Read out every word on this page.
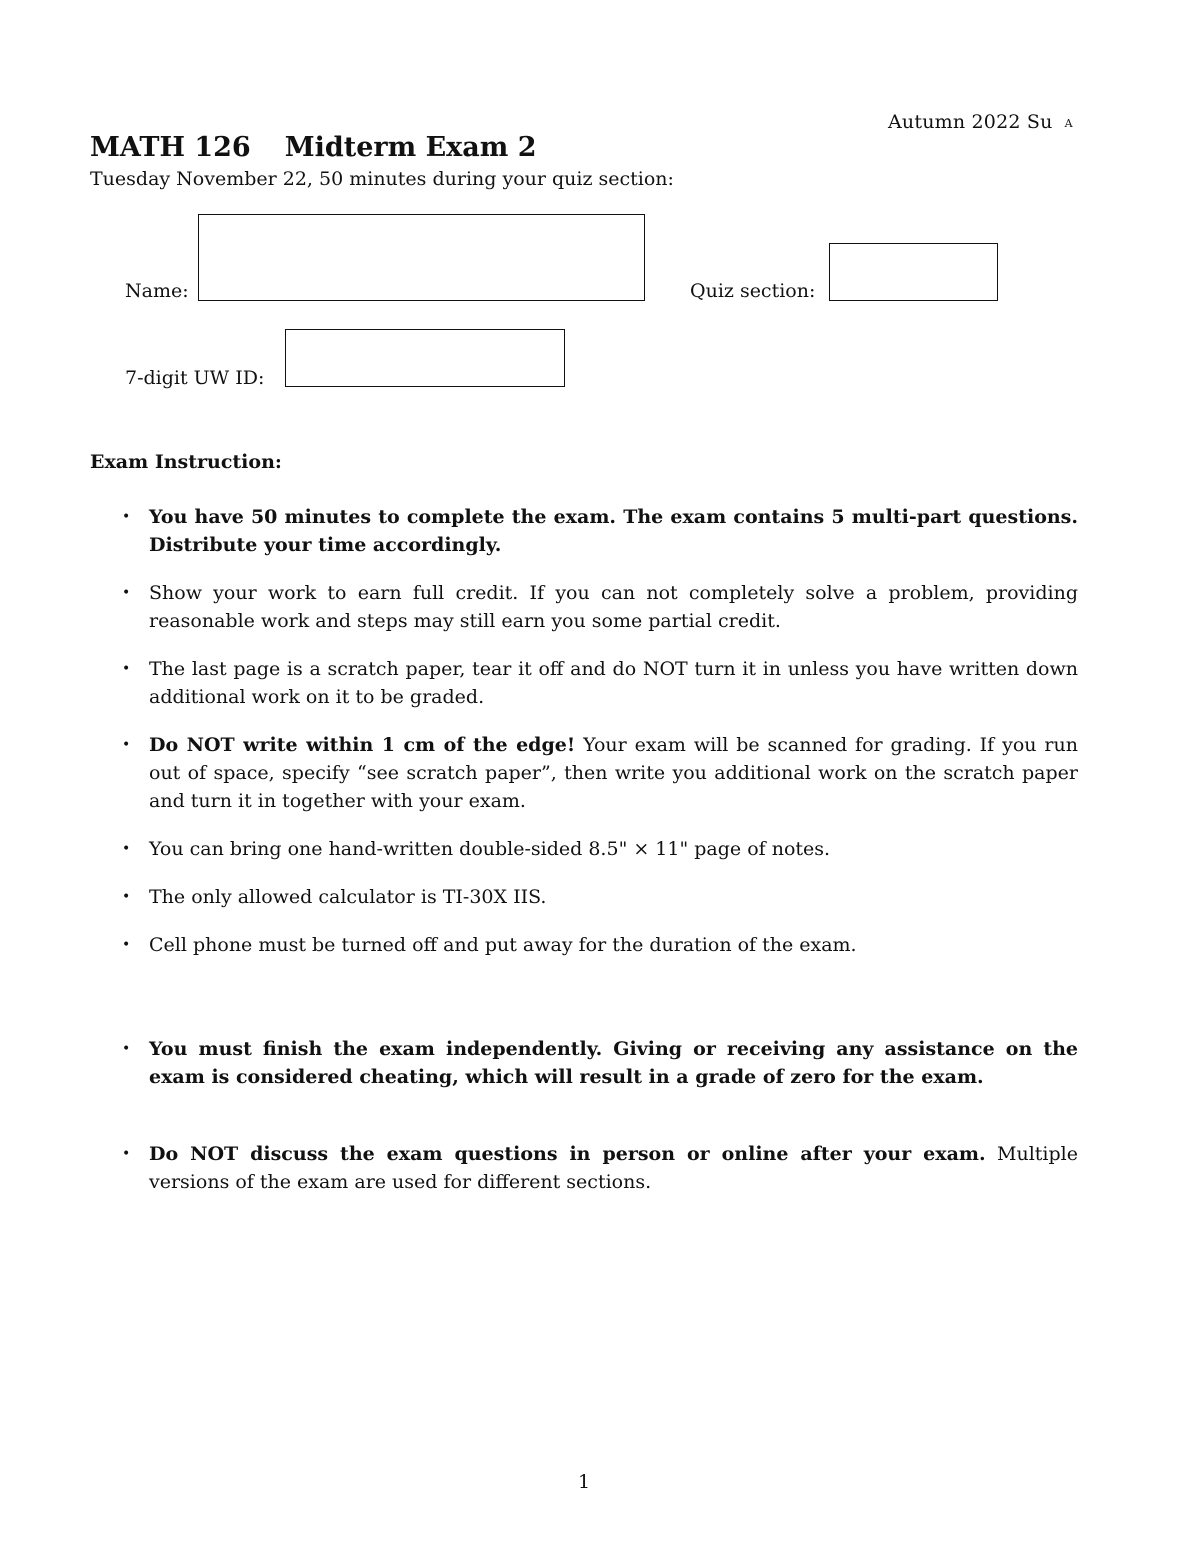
Autumn 2022 Su A
MATH 126 Midterm Exam 2
Tuesday November 22, 50 minutes during your quiz section:
Name:	Quiz section:
7-digit UW ID:
Exam Instruction:
• You have 50 minutes to complete the exam. The exam contains 5 multi-part questions. Distribute your time accordingly.
• Show your work to earn full credit. If you can not completely solve a problem, providing reasonable work and steps may still earn you some partial credit.
• The last page is a scratch paper, tear it off and do NOT turn it in unless you have written down additional work on it to be graded.
• Do NOT write within 1 cm of the edge! Your exam will be scanned for grading. If you run out of space, specify “see scratch paper”, then write you additional work on the scratch paper and turn it in together with your exam.
• You can bring one hand-written double-sided 8.5" × 11" page of notes.
• The only allowed calculator is TI-30X IIS.
• Cell phone must be turned off and put away for the duration of the exam.
• You must finish the exam independently. Giving or receiving any assistance on the exam is considered cheating, which will result in a grade of zero for the exam.
• Do NOT discuss the exam questions in person or online after your exam. Multiple versions of the exam are used for different sections.
1
